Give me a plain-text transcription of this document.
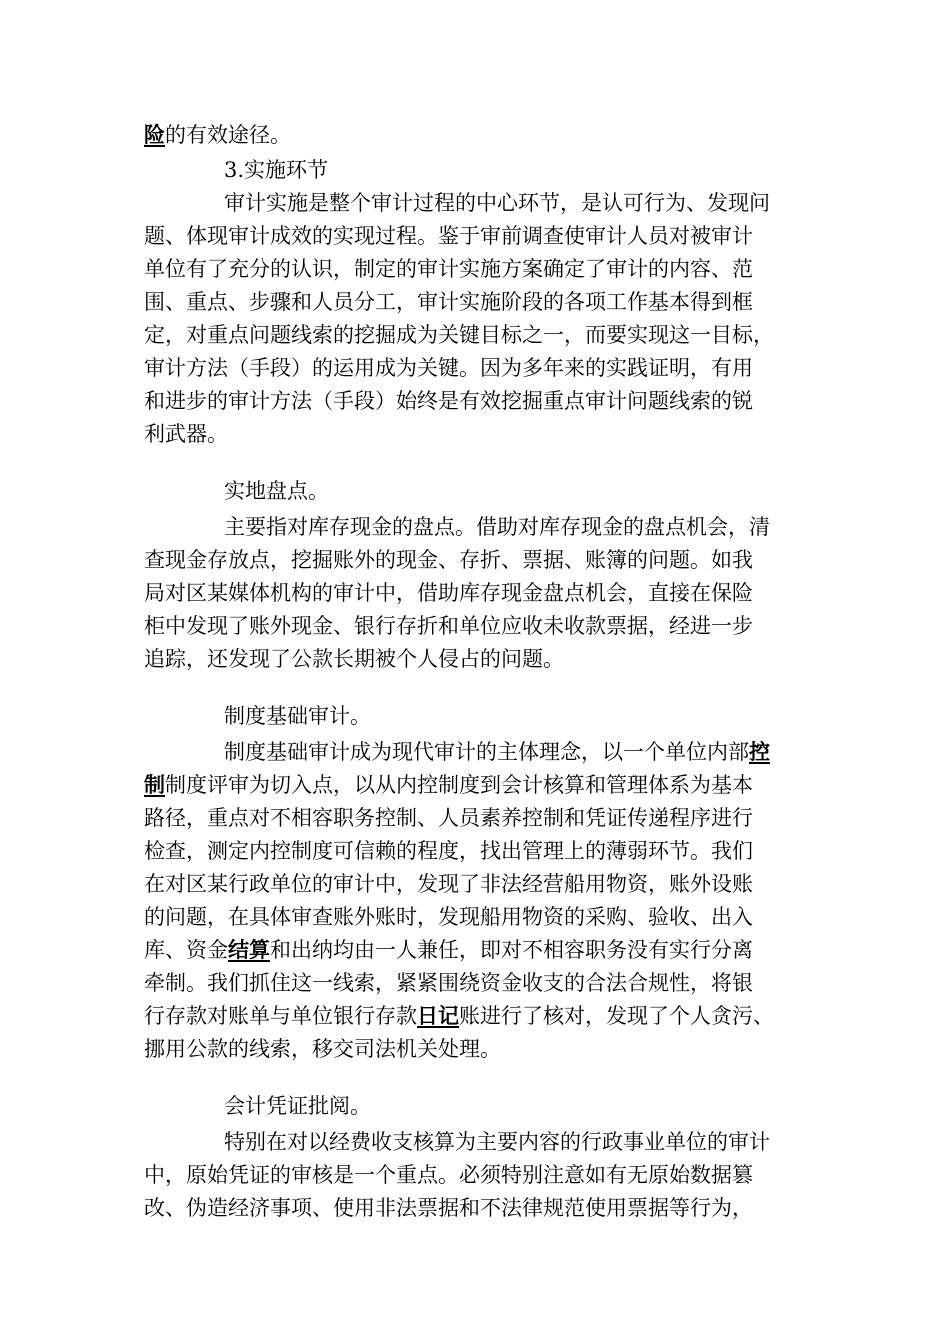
险的有效途径。
3.实施环节
审计实施是整个审计过程的中心环节，是认可行为、发现问
题、体现审计成效的实现过程。鉴于审前调查使审计人员对被审计
单位有了充分的认识，制定的审计实施方案确定了审计的内容、范
围、重点、步骤和人员分工，审计实施阶段的各项工作基本得到框
定，对重点问题线索的挖掘成为关键目标之一，而要实现这一目标，
审计方法（手段）的运用成为关键。因为多年来的实践证明，有用
和进步的审计方法（手段）始终是有效挖掘重点审计问题线索的锐
利武器。
实地盘点。
主要指对库存现金的盘点。借助对库存现金的盘点机会，清
查现金存放点，挖掘账外的现金、存折、票据、账簿的问题。如我
局对区某媒体机构的审计中，借助库存现金盘点机会，直接在保险
柜中发现了账外现金、银行存折和单位应收未收款票据，经进一步
追踪，还发现了公款长期被个人侵占的问题。
制度基础审计。
制度基础审计成为现代审计的主体理念，以一个单位内部控
制制度评审为切入点，以从内控制度到会计核算和管理体系为基本
路径，重点对不相容职务控制、人员素养控制和凭证传递程序进行
检查，测定内控制度可信赖的程度，找出管理上的薄弱环节。我们
在对区某行政单位的审计中，发现了非法经营船用物资，账外设账
的问题，在具体审查账外账时，发现船用物资的采购、验收、出入
库、资金结算和出纳均由一人兼任，即对不相容职务没有实行分离
牵制。我们抓住这一线索，紧紧围绕资金收支的合法合规性，将银
行存款对账单与单位银行存款日记账进行了核对，发现了个人贪污、
挪用公款的线索，移交司法机关处理。
会计凭证批阅。
特别在对以经费收支核算为主要内容的行政事业单位的审计
中，原始凭证的审核是一个重点。必须特别注意如有无原始数据篡
改、伪造经济事项、使用非法票据和不法律规范使用票据等行为，
